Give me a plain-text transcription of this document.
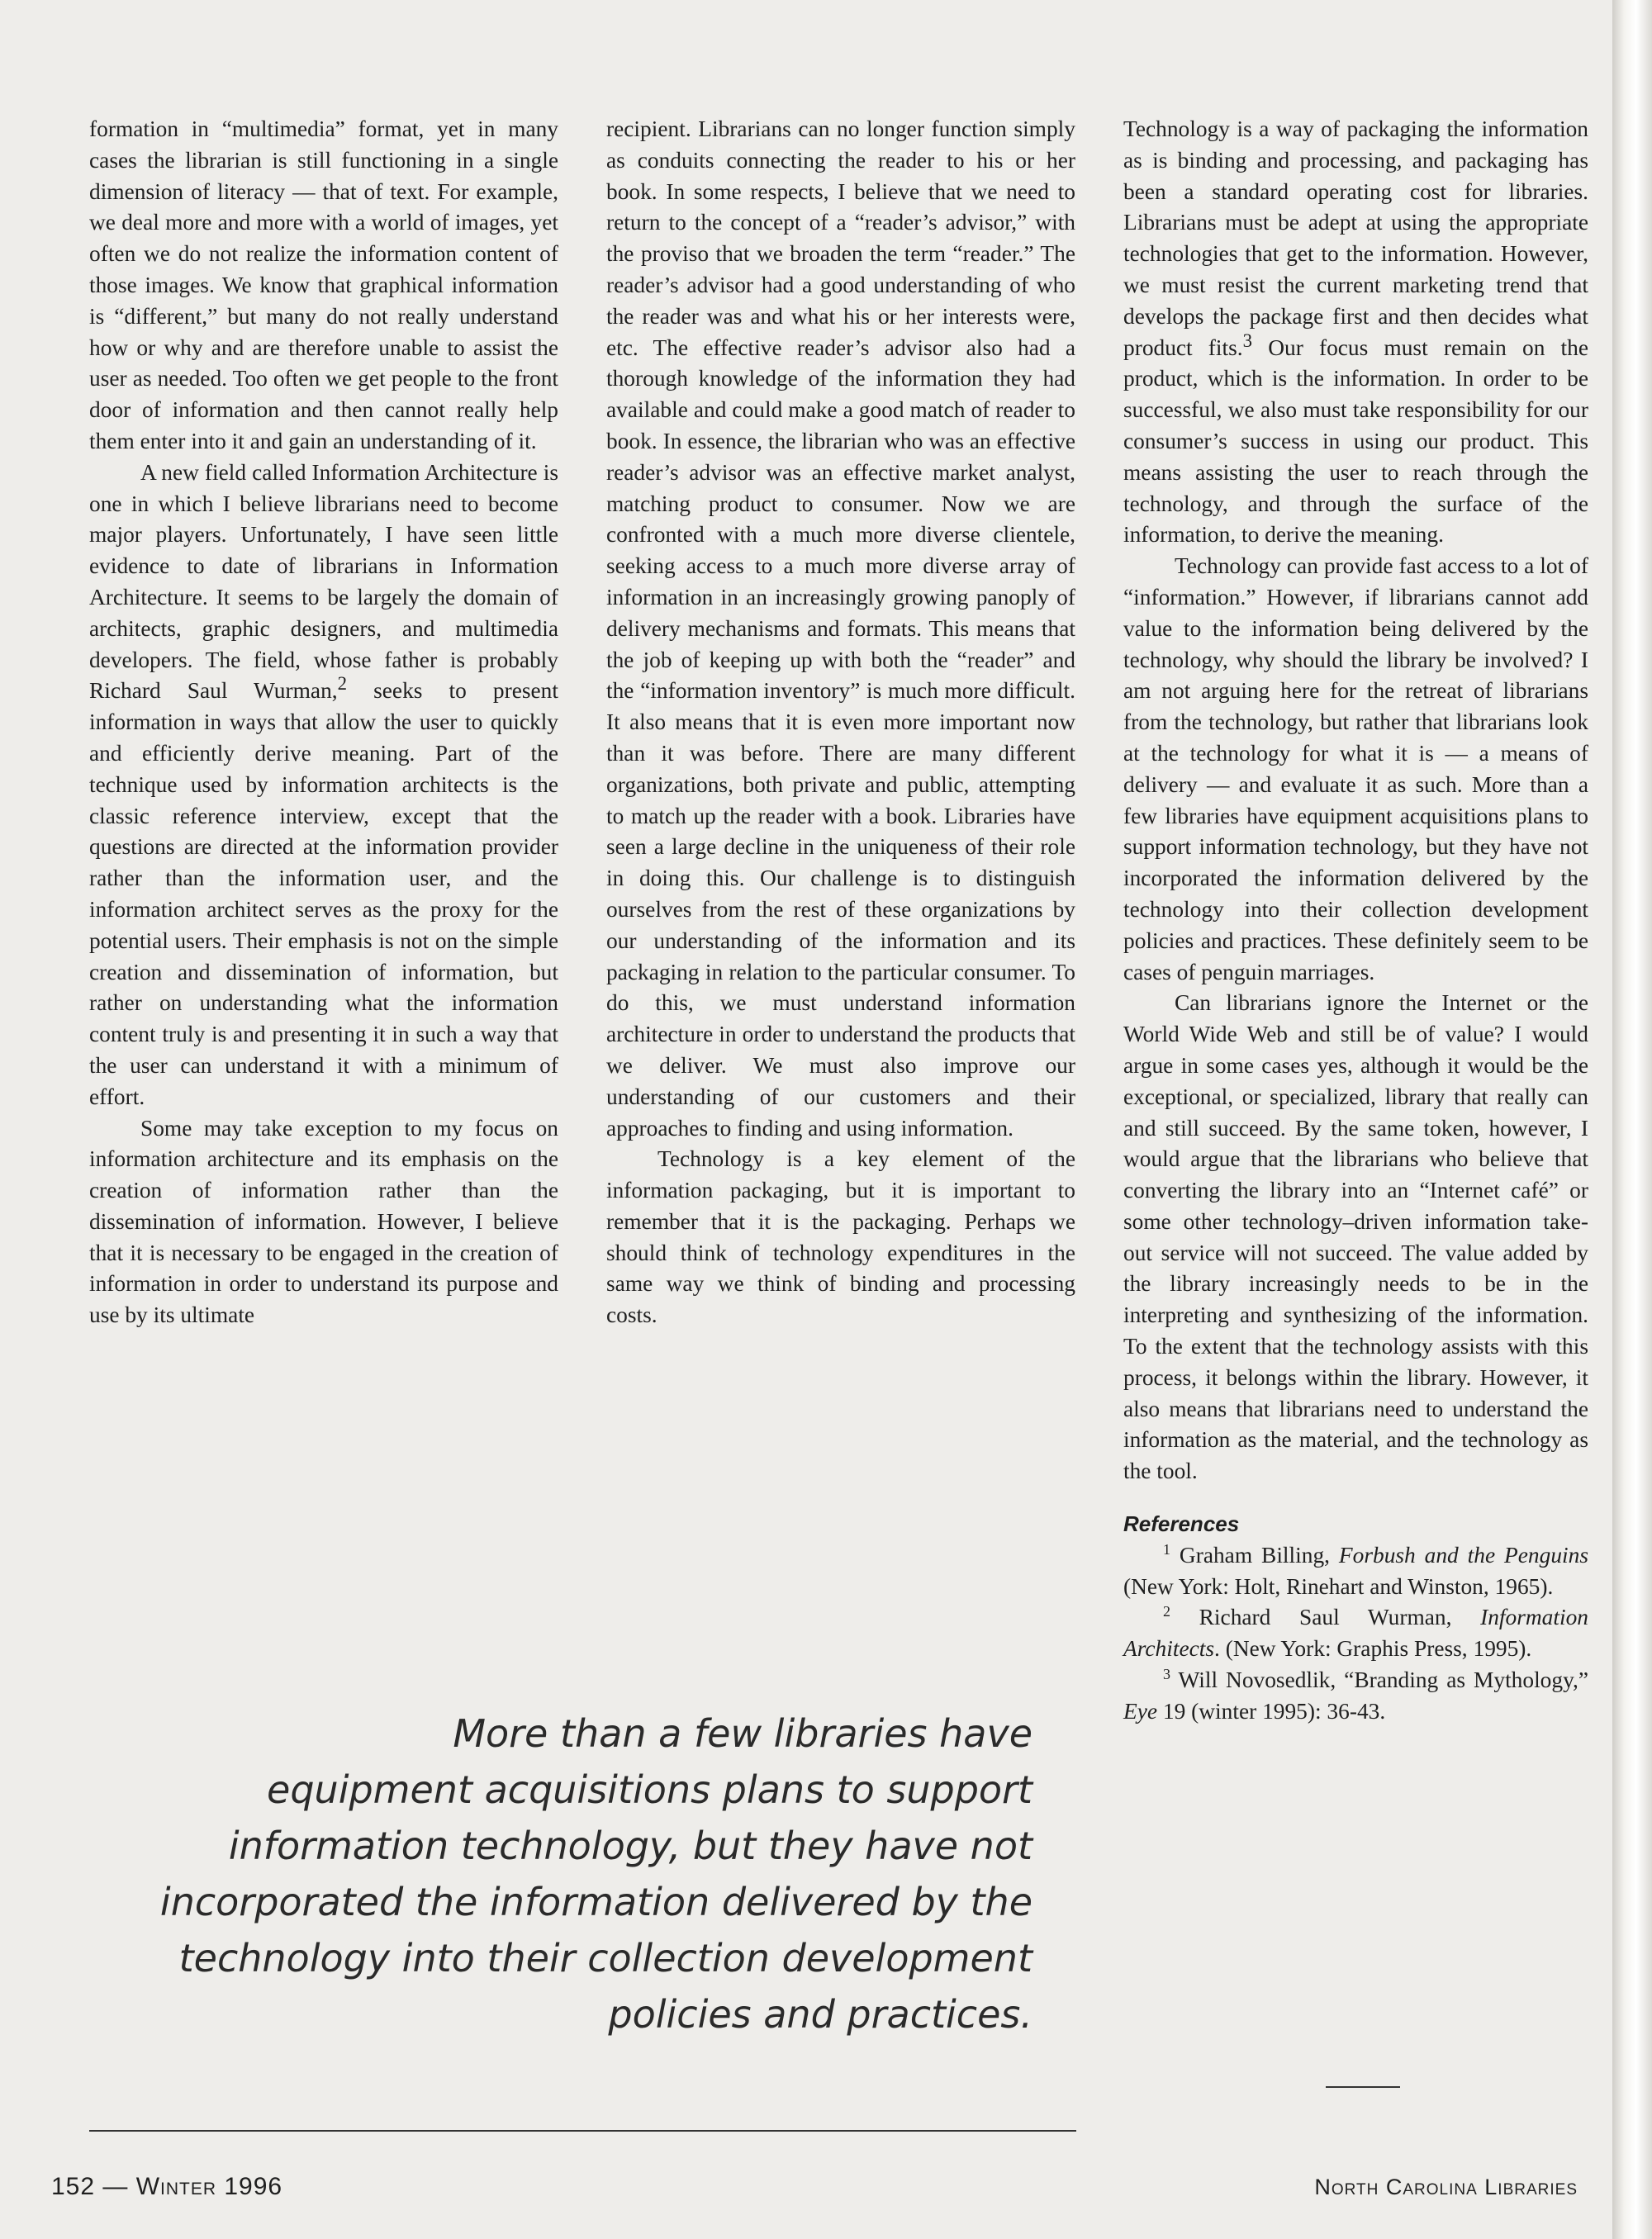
formation in “multimedia” format, yet in many cases the librarian is still functioning in a single dimension of literacy — that of text. For example, we deal more and more with a world of images, yet often we do not realize the information content of those images. We know that graphical information is “different,” but many do not really understand how or why and are therefore unable to assist the user as needed. Too often we get people to the front door of information and then cannot really help them enter into it and gain an understanding of it.

A new field called Information Architecture is one in which I believe librarians need to become major players. Unfortunately, I have seen little evidence to date of librarians in Information Architecture. It seems to be largely the domain of architects, graphic designers, and multimedia developers. The field, whose father is probably Richard Saul Wurman,$^2$ seeks to present information in ways that allow the user to quickly and efficiently derive meaning. Part of the technique used by information architects is the classic reference interview, except that the questions are directed at the information provider rather than the information user, and the information architect serves as the proxy for the potential users. Their emphasis is not on the simple creation and dissemination of information, but rather on understanding what the information content truly is and presenting it in such a way that the user can understand it with a minimum of effort.

Some may take exception to my focus on information architecture and its emphasis on the creation of information rather than the dissemination of information. However, I believe that it is necessary to be engaged in the creation of information in order to understand its purpose and use by its ultimate

recipient. Librarians can no longer function simply as conduits connecting the reader to his or her book. In some respects, I believe that we need to return to the concept of a “reader’s advisor,” with the proviso that we broaden the term “reader.” The reader’s advisor had a good understanding of who the reader was and what his or her interests were, etc. The effective reader’s advisor also had a thorough knowledge of the information they had available and could make a good match of reader to book. In essence, the librarian who was an effective reader’s advisor was an effective market analyst, matching product to consumer. Now we are confronted with a much more diverse clientele, seeking access to a much more diverse array of information in an increasingly growing panoply of delivery mechanisms and formats. This means that the job of keeping up with both the “reader” and the “information inventory” is much more difficult. It also means that it is even more important now than it was before. There are many different organizations, both private and public, attempting to match up the reader with a book. Libraries have seen a large decline in the uniqueness of their role in doing this. Our challenge is to distinguish ourselves from the rest of these organizations by our understanding of the information and its packaging in relation to the particular consumer. To do this, we must understand information architecture in order to understand the products that we deliver. We must also improve our understanding of our customers and their approaches to finding and using information.

Technology is a key element of the information packaging, but it is important to remember that it is the packaging. Perhaps we should think of technology expenditures in the same way we think of binding and processing costs.

Technology is a way of packaging the information as is binding and processing, and packaging has been a standard operating cost for libraries. Librarians must be adept at using the appropriate technologies that get to the information. However, we must resist the current marketing trend that develops the package first and then decides what product fits.$^3$ Our focus must remain on the product, which is the information. In order to be successful, we also must take responsibility for our consumer’s success in using our product. This means assisting the user to reach through the technology, and through the surface of the information, to derive the meaning.

Technology can provide fast access to a lot of “information.” However, if librarians cannot add value to the information being delivered by the technology, why should the library be involved? I am not arguing here for the retreat of librarians from the technology, but rather that librarians look at the technology for what it is — a means of delivery — and evaluate it as such. More than a few libraries have equipment acquisitions plans to support information technology, but they have not incorporated the information delivered by the technology into their collection development policies and practices. These definitely seem to be cases of penguin marriages.

Can librarians ignore the Internet or the World Wide Web and still be of value? I would argue in some cases yes, although it would be the exceptional, or specialized, library that really can and still succeed. By the same token, however, I would argue that the librarians who believe that converting the library into an “Internet café” or some other technology–driven information take-out service will not succeed. The value added by the library increasingly needs to be in the interpreting and synthesizing of the information. To the extent that the technology assists with this process, it belongs within the library. However, it also means that librarians need to understand the information as the material, and the technology as the tool.

References

$^1$ Graham Billing, Forbush and the Penguins (New York: Holt, Rinehart and Winston, 1965).

$^2$ Richard Saul Wurman, Information Architects. (New York: Graphis Press, 1995).

$^3$ Will Novosedlik, “Branding as Mythology,” Eye 19 (winter 1995): 36-43.

More than a few libraries have
equipment acquisitions plans to support
information technology, but they have not
incorporated the information delivered by the
technology into their collection development
policies and practices.
152 — Winter 1996	North Carolina Libraries
